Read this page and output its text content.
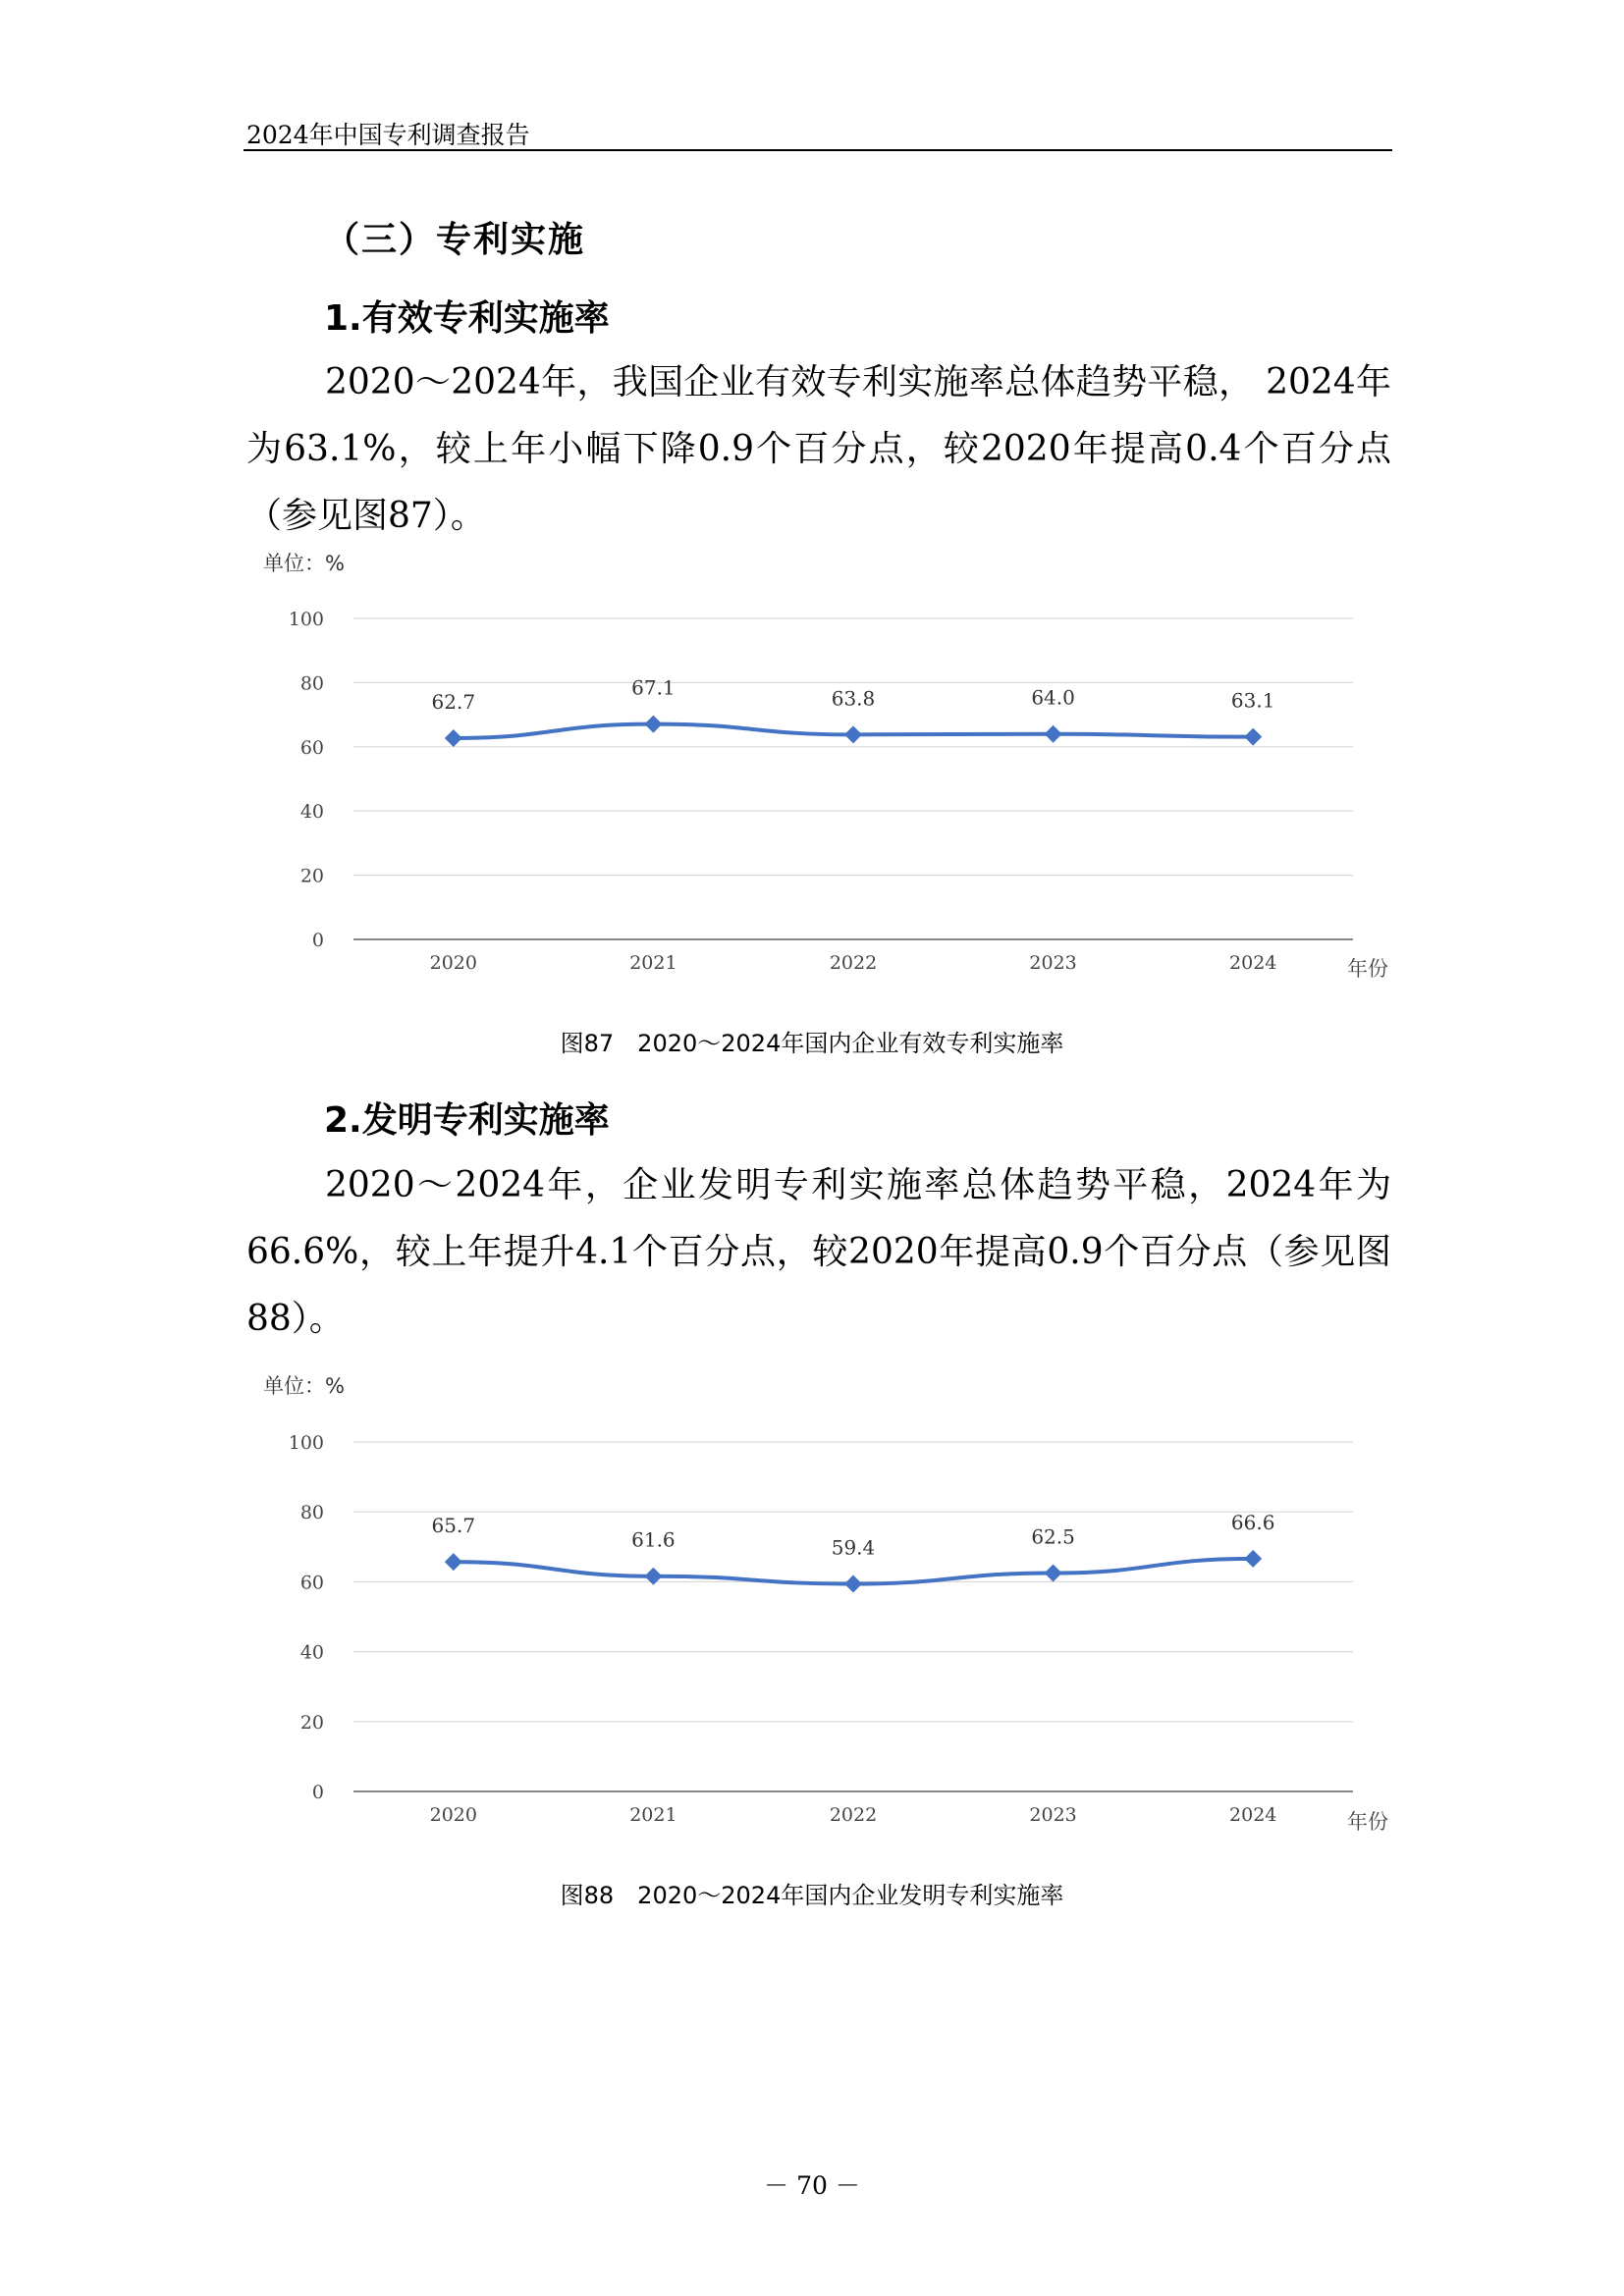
2024年中国专利调查报告
（三）专利实施
1.有效专利实施率
2020～2024年，我国企业有效专利实施率总体趋势平稳， 2024年为63.1%，较上年小幅下降0.9个百分点，较2020年提高0.4个百分点（参见图87）。
单位：%
0
20
40
60
80
100
2020	2021	2022	2023	2024	年份
62.7
67.1	63.8	64.0	63.1
图87　2020～2024年国内企业有效专利实施率
2.发明专利实施率
2020～2024年，企业发明专利实施率总体趋势平稳，2024年为66.6%，较上年提升4.1个百分点，较2020年提高0.9个百分点（参见图88）。
单位：%
0
20
40
60
80
100
2020	2021	2022	2023	2024	年份
65.7
61.6	59.4	62.5
66.6
图88　2020～2024年国内企业发明专利实施率
－ 70 －
